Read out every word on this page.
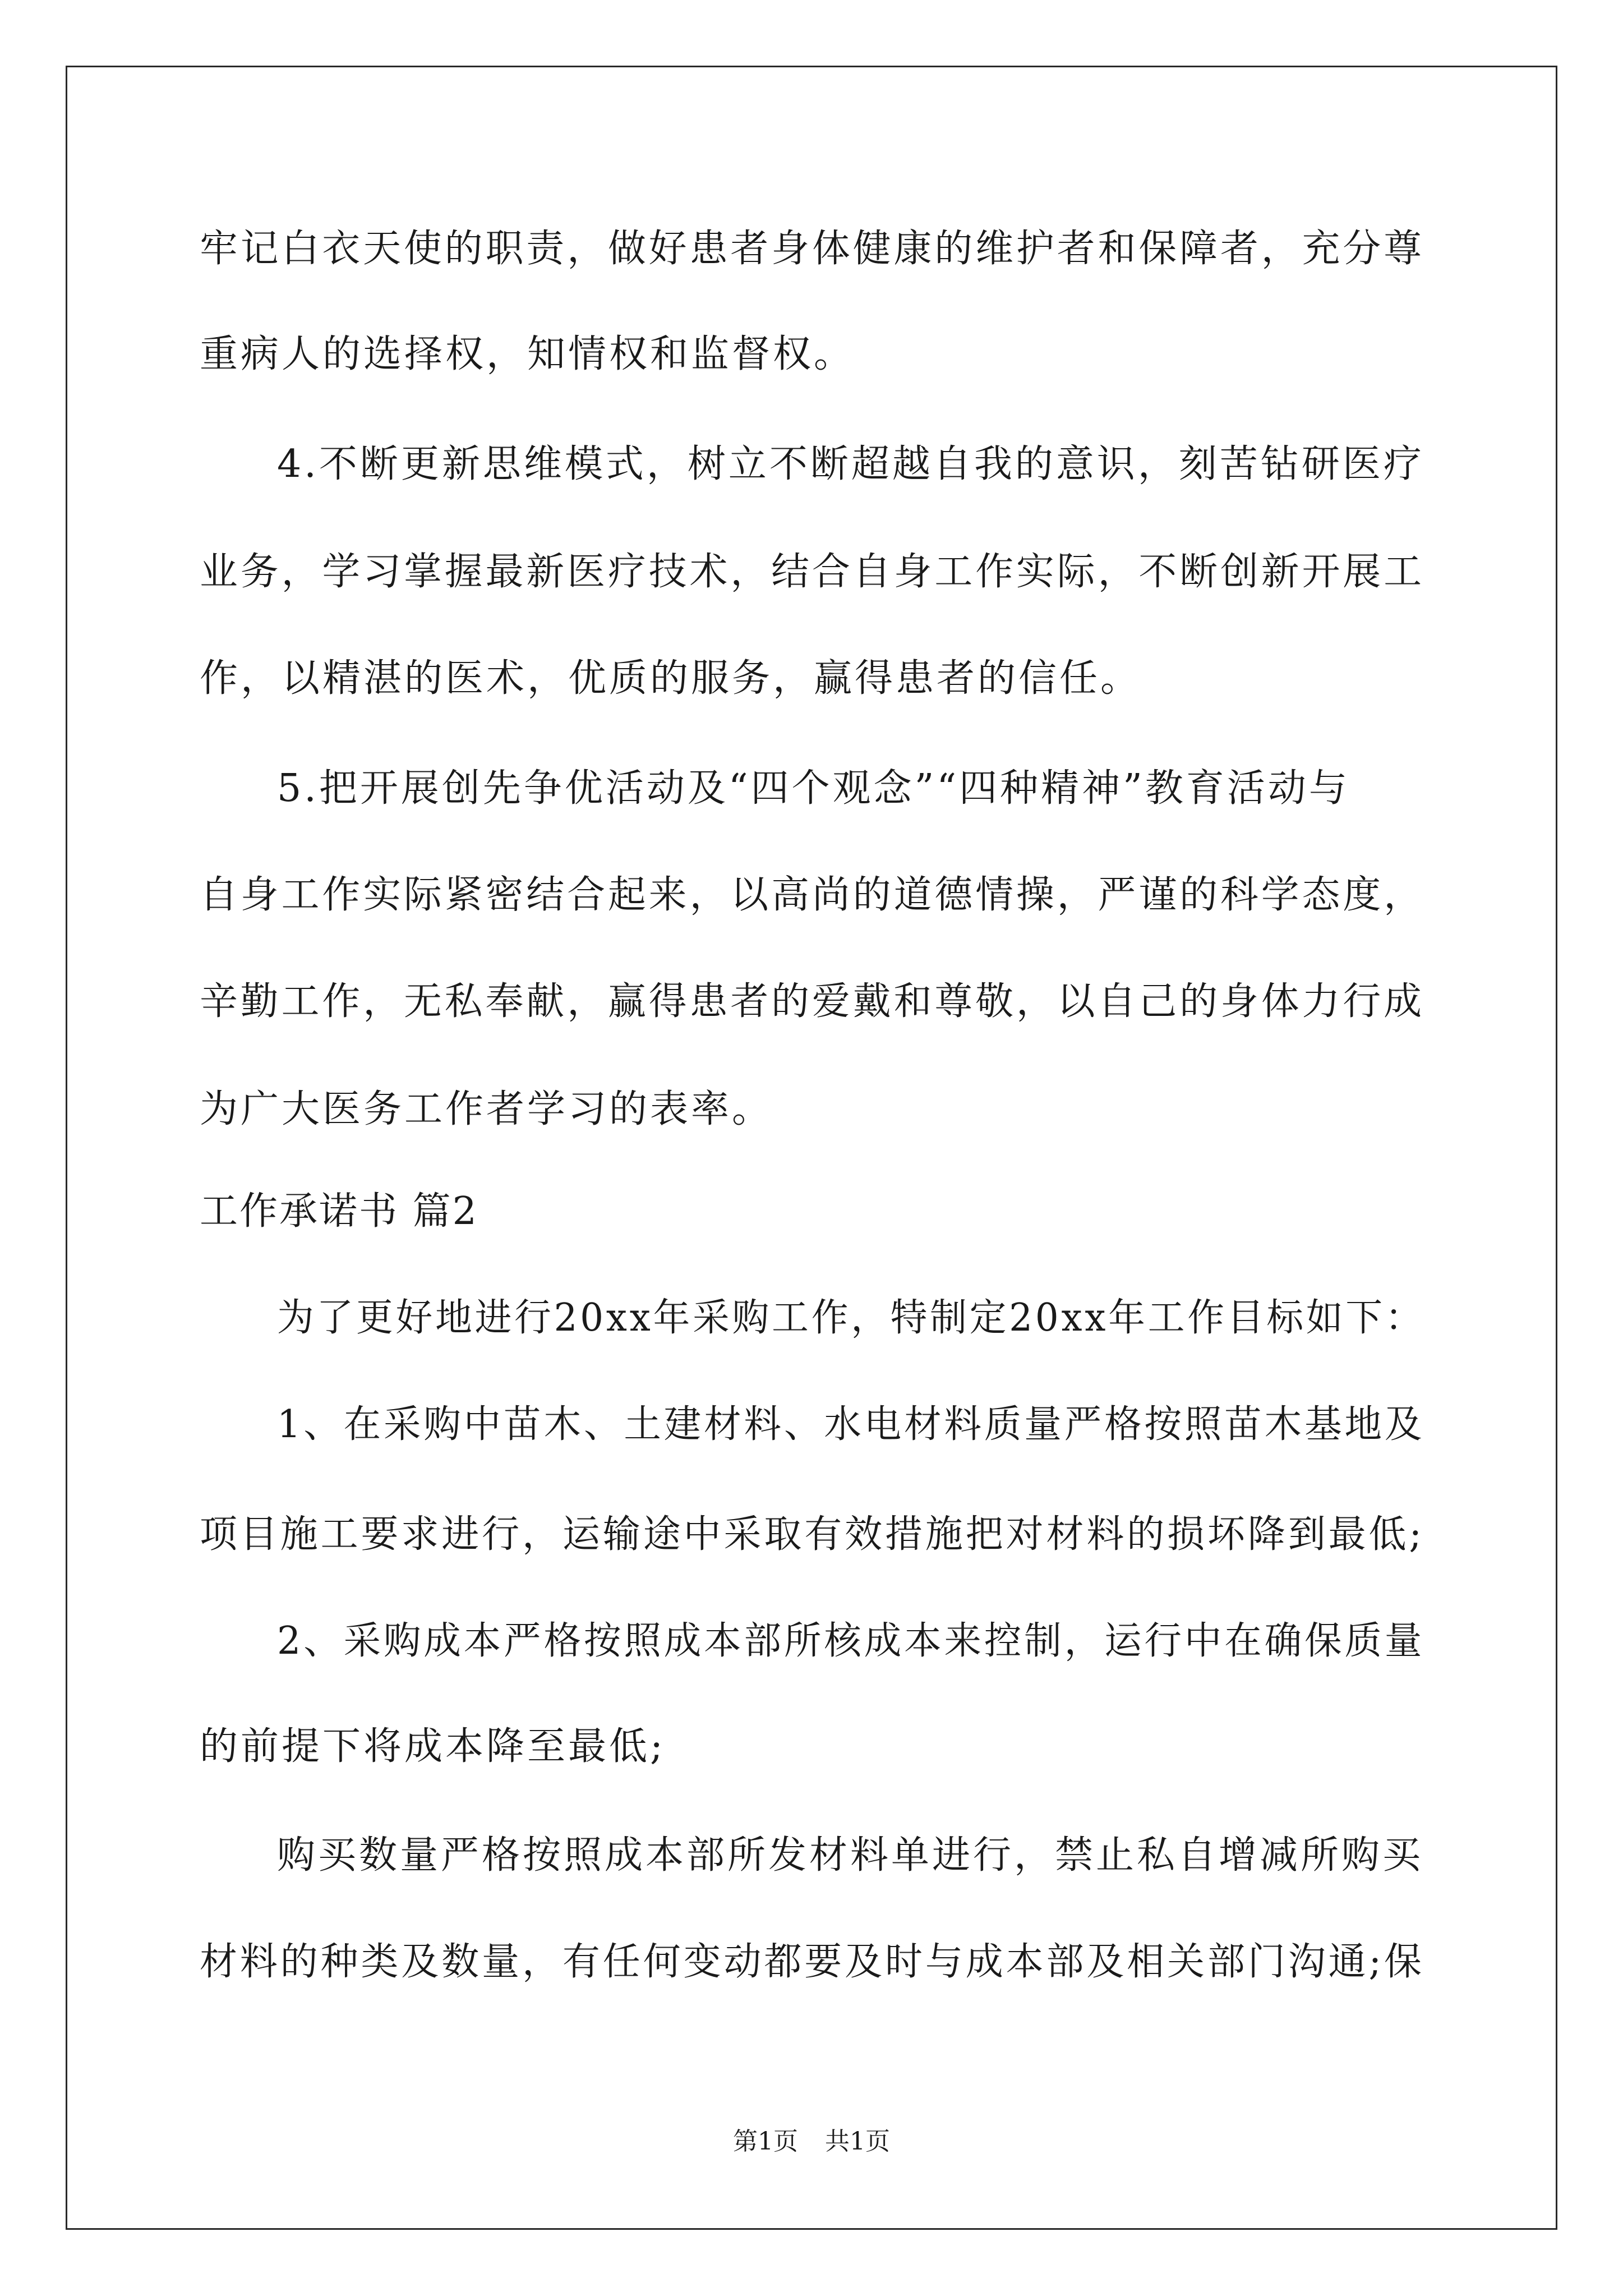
牢记白衣天使的职责，做好患者身体健康的维护者和保障者，充分尊
重病人的选择权，知情权和监督权。
4.不断更新思维模式，树立不断超越自我的意识，刻苦钻研医疗
业务，学习掌握最新医疗技术，结合自身工作实际，不断创新开展工
作，以精湛的医术，优质的服务，赢得患者的信任。
5.把开展创先争优活动及“四个观念”“四种精神”教育活动与
自身工作实际紧密结合起来，以高尚的道德情操，严谨的科学态度，
辛勤工作，无私奉献，赢得患者的爱戴和尊敬，以自己的身体力行成
为广大医务工作者学习的表率。
工作承诺书 篇2
为了更好地进行20xx年采购工作，特制定20xx年工作目标如下：
1、在采购中苗木、土建材料、水电材料质量严格按照苗木基地及
项目施工要求进行，运输途中采取有效措施把对材料的损坏降到最低;
2、采购成本严格按照成本部所核成本来控制，运行中在确保质量
的前提下将成本降至最低;
购买数量严格按照成本部所发材料单进行，禁止私自增减所购买
材料的种类及数量，有任何变动都要及时与成本部及相关部门沟通;保
第1页 共1页
